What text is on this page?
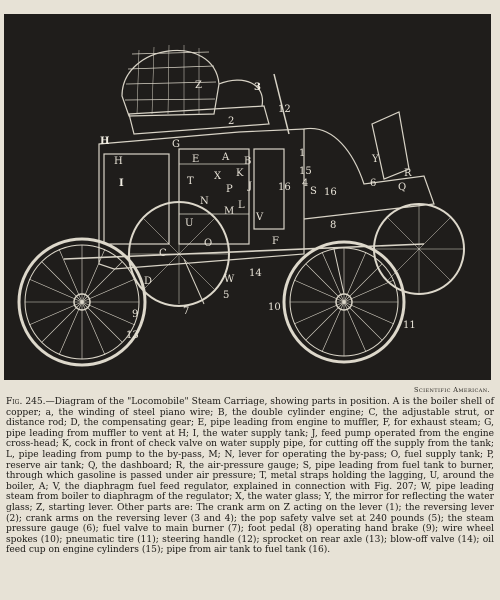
H
I
Z	3
12
2
G
E A B
K
T X
P J
N	L
M
U
V
16
15
1
4
S 16
6
Y
R
Q
H
C
O
D	W
14
5
10
7
9
13
11
F
8
Scientific American.
Fig. 245.—Diagram of the "Locomobile" Steam Carriage, showing parts in position. A is the boiler shell of copper; a, the winding of steel piano wire; B, the double cylinder engine; C, the adjustable strut, or distance rod; D, the compensating gear; E, pipe leading from engine to muffler, F, for exhaust steam; G, pipe leading from muffler to vent at H; I, the water supply tank; J, feed pump operated from the engine cross-head; K, cock in front of check valve on water supply pipe, for cutting off the supply from the tank; L, pipe leading from pump to the by-pass, M; N, lever for operating the by-pass; O, fuel supply tank; P, reserve air tank; Q, the dashboard; R, the air-pressure gauge; S, pipe leading from fuel tank to burner, through which gasoline is passed under air pressure; T, metal straps holding the lagging, U, around the boiler, A; V, the diaphragm fuel feed regulator, explained in connection with Fig. 207; W, pipe leading steam from boiler to diaphragm of the regulator; X, the water glass; Y, the mirror for reflecting the water glass; Z, starting lever. Other parts are: The crank arm on Z acting on the lever (1); the reversing lever (2); crank arms on the reversing lever (3 and 4); the pop safety valve set at 240 pounds (5); the steam pressure gauge (6); fuel valve to main burner (7); foot pedal (8) operating hand brake (9); wire wheel spokes (10); pneumatic tire (11); steering handle (12); sprocket on rear axle (13); blow-off valve (14); oil feed cup on engine cylinders (15); pipe from air tank to fuel tank (16).
